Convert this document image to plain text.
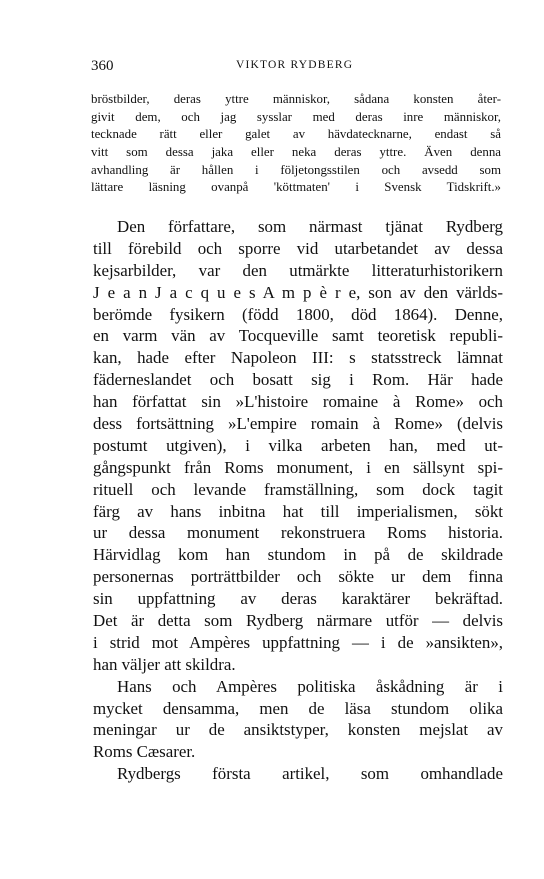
360	VIKTOR RYDBERG
bröstbilder, deras yttre människor, sådana konsten åter-
givit dem, och jag sysslar med deras inre människor,
tecknade rätt eller galet av hävdatecknarne, endast så
vitt som dessa jaka eller neka deras yttre. Även denna
avhandling är hållen i följetongsstilen och avsedd som
lättare läsning ovanpå 'köttmaten' i Svensk Tidskrift.»
Den författare, som närmast tjänat Rydberg
till förebild och sporre vid utarbetandet av dessa
kejsarbilder, var den utmärkte litteraturhistorikern
J e a n J a c q u e s A m p è r e, son av den världs-
berömde fysikern (född 1800, död 1864). Denne,
en varm vän av Tocqueville samt teoretisk republi-
kan, hade efter Napoleon III: s statsstreck lämnat
fäderneslandet och bosatt sig i Rom. Här hade
han författat sin »L'histoire romaine à Rome» och
dess fortsättning »L'empire romain à Rome» (delvis
postumt utgiven), i vilka arbeten han, med ut-
gångspunkt från Roms monument, i en sällsynt spi-
rituell och levande framställning, som dock tagit
färg av hans inbitna hat till imperialismen, sökt
ur dessa monument rekonstruera Roms historia.
Härvidlag kom han stundom in på de skildrade
personernas porträttbilder och sökte ur dem finna
sin uppfattning av deras karaktärer bekräftad.
Det är detta som Rydberg närmare utför — delvis
i strid mot Ampères uppfattning — i de »ansikten»,
han väljer att skildra.
Hans och Ampères politiska åskådning är i
mycket densamma, men de läsa stundom olika
meningar ur de ansiktstyper, konsten mejslat av
Roms Cæsarer.
Rydbergs första artikel, som omhandlade
